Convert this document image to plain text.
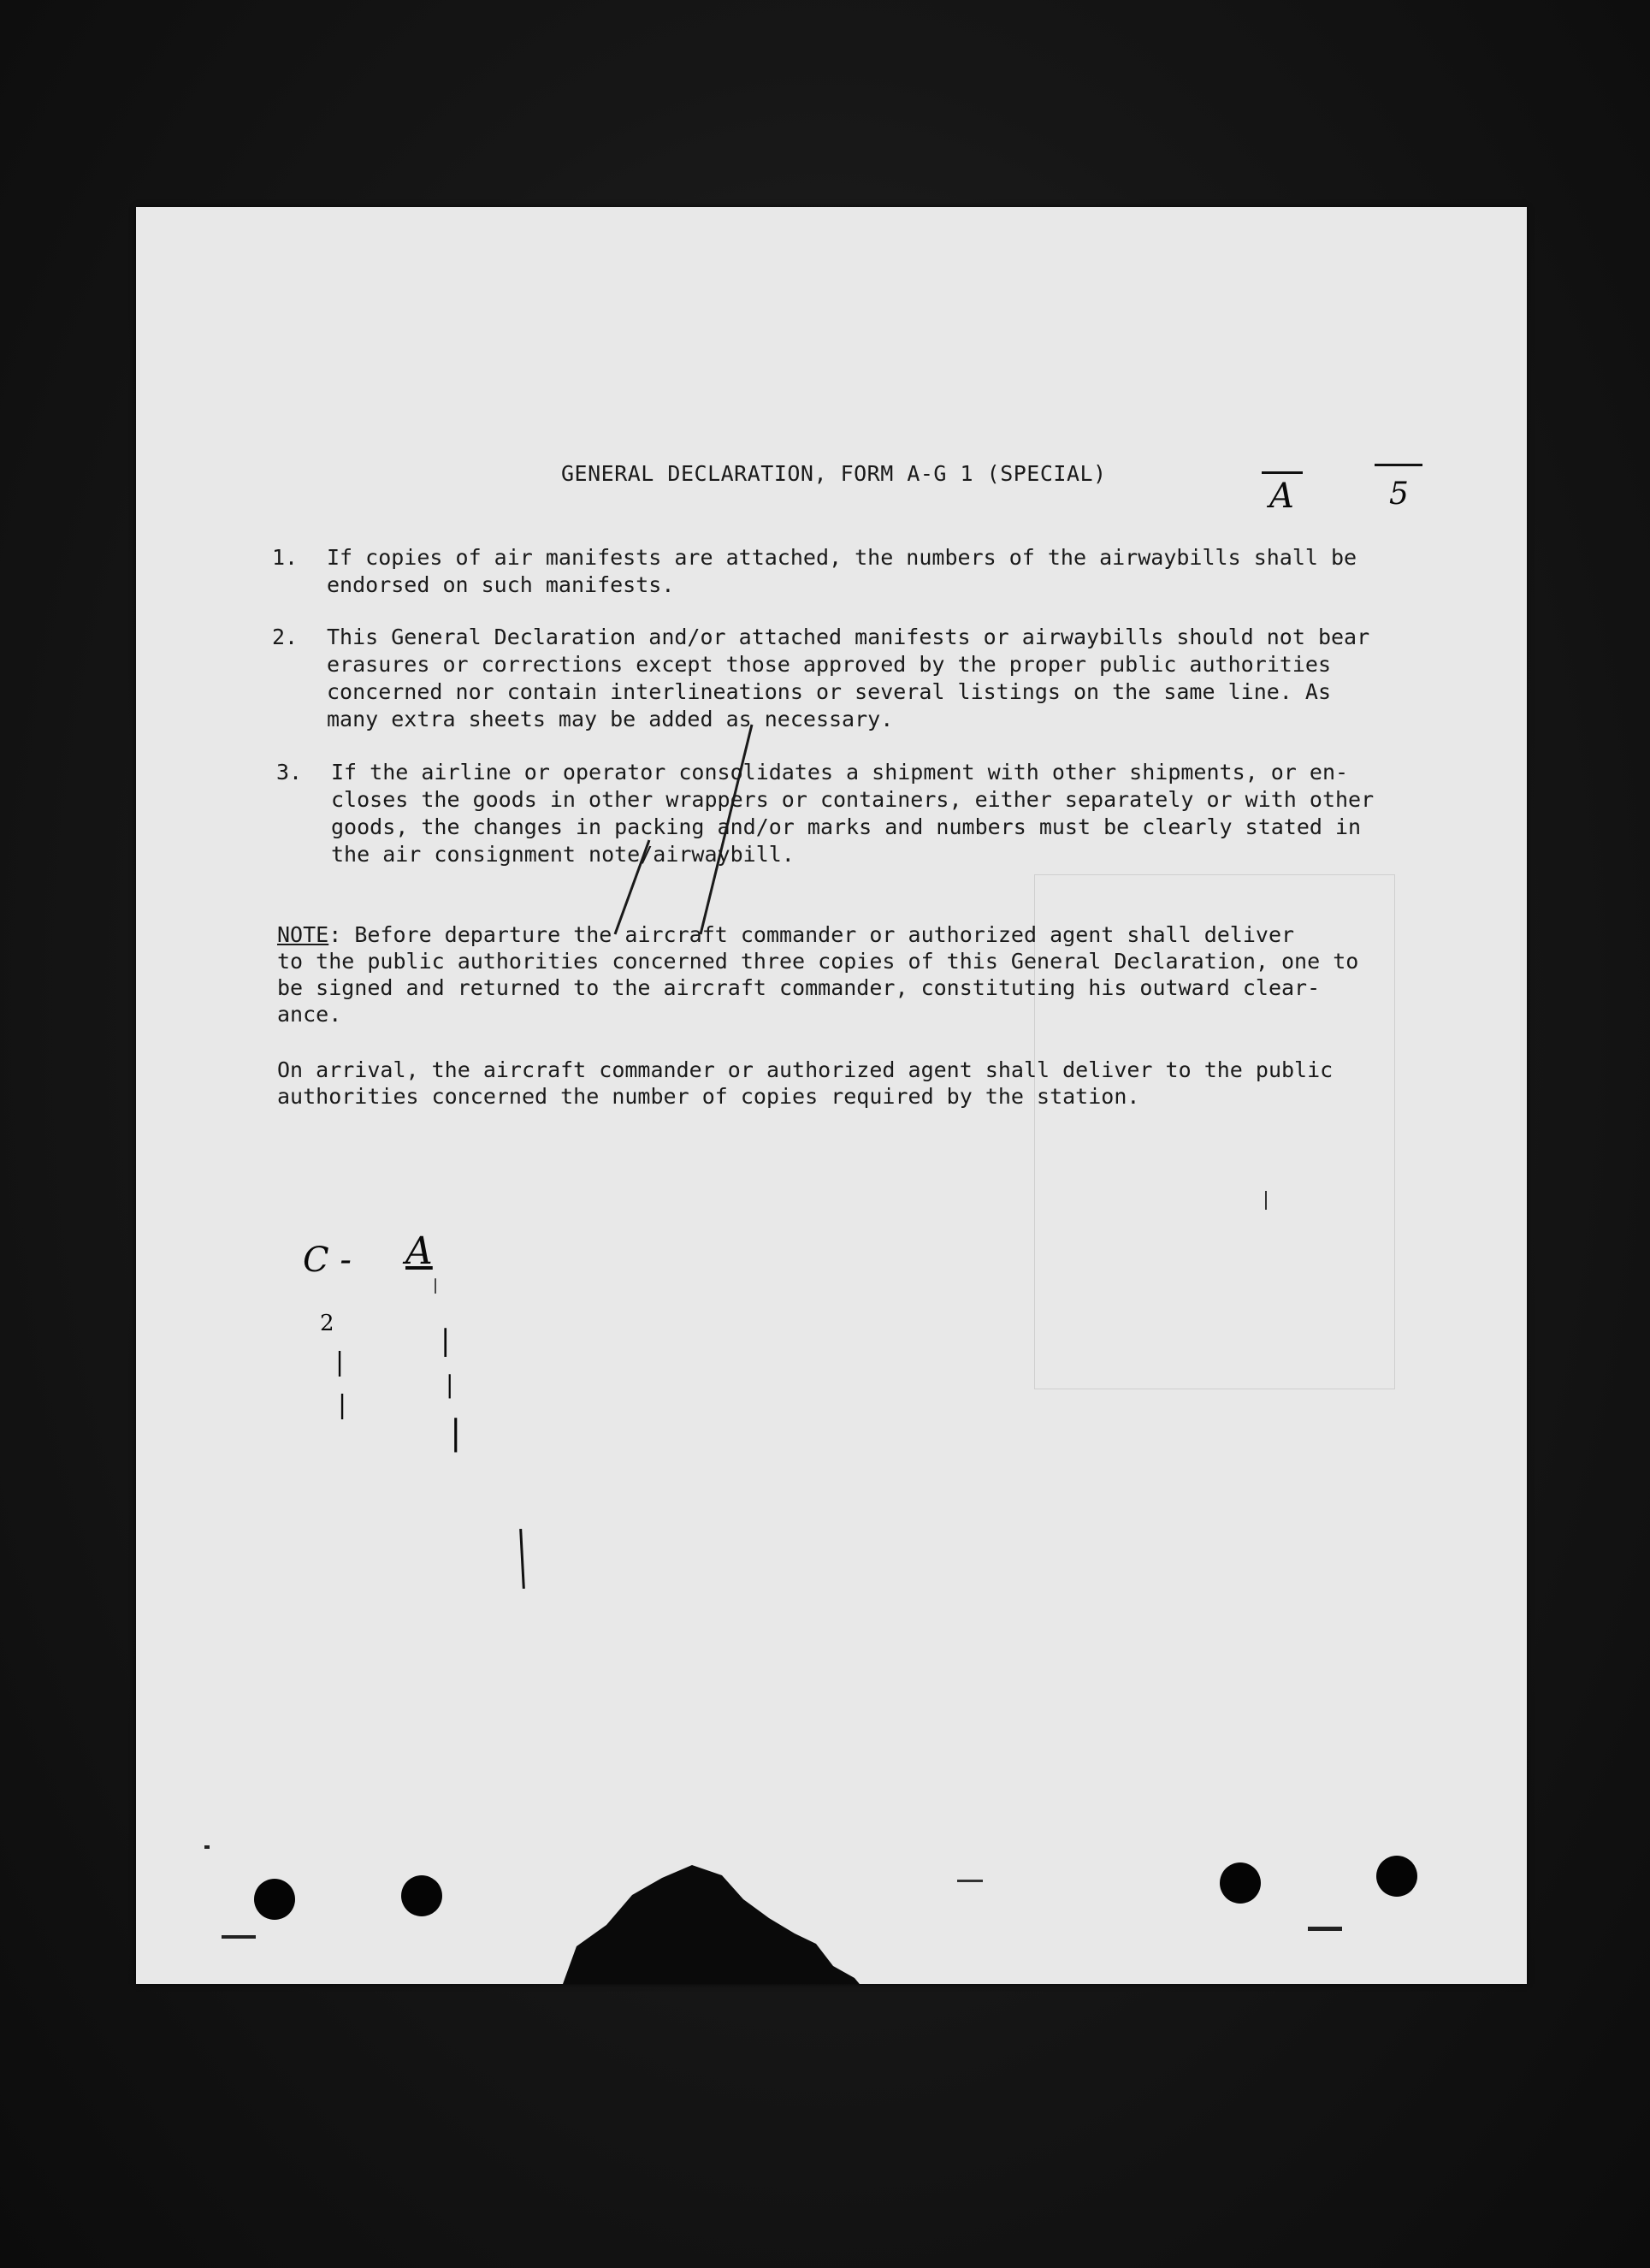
GENERAL DECLARATION, FORM A-G 1 (SPECIAL)
A	5
1. If copies of air manifests are attached, the numbers of the airwaybills shall be
endorsed on such manifests.
2. This General Declaration and/or attached manifests or airwaybills should not bear
erasures or corrections except those approved by the proper public authorities
concerned nor contain interlineations or several listings on the same line. As
many extra sheets may be added as necessary.
3. If the airline or operator consolidates a shipment with other shipments, or en-
closes the goods in other wrappers or containers, either separately or with other
goods, the changes in packing and/or marks and numbers must be clearly stated in
the air consignment note/airwaybill.
NOTE: Before departure the aircraft commander or authorized agent shall deliver
to the public authorities concerned three copies of this General Declaration, one to
be signed and returned to the aircraft commander, constituting his outward clear-
ance.
On arrival, the aircraft commander or authorized agent shall deliver to the public
authorities concerned the number of copies required by the station.
C - A
2
|
|
|
|
|
|
